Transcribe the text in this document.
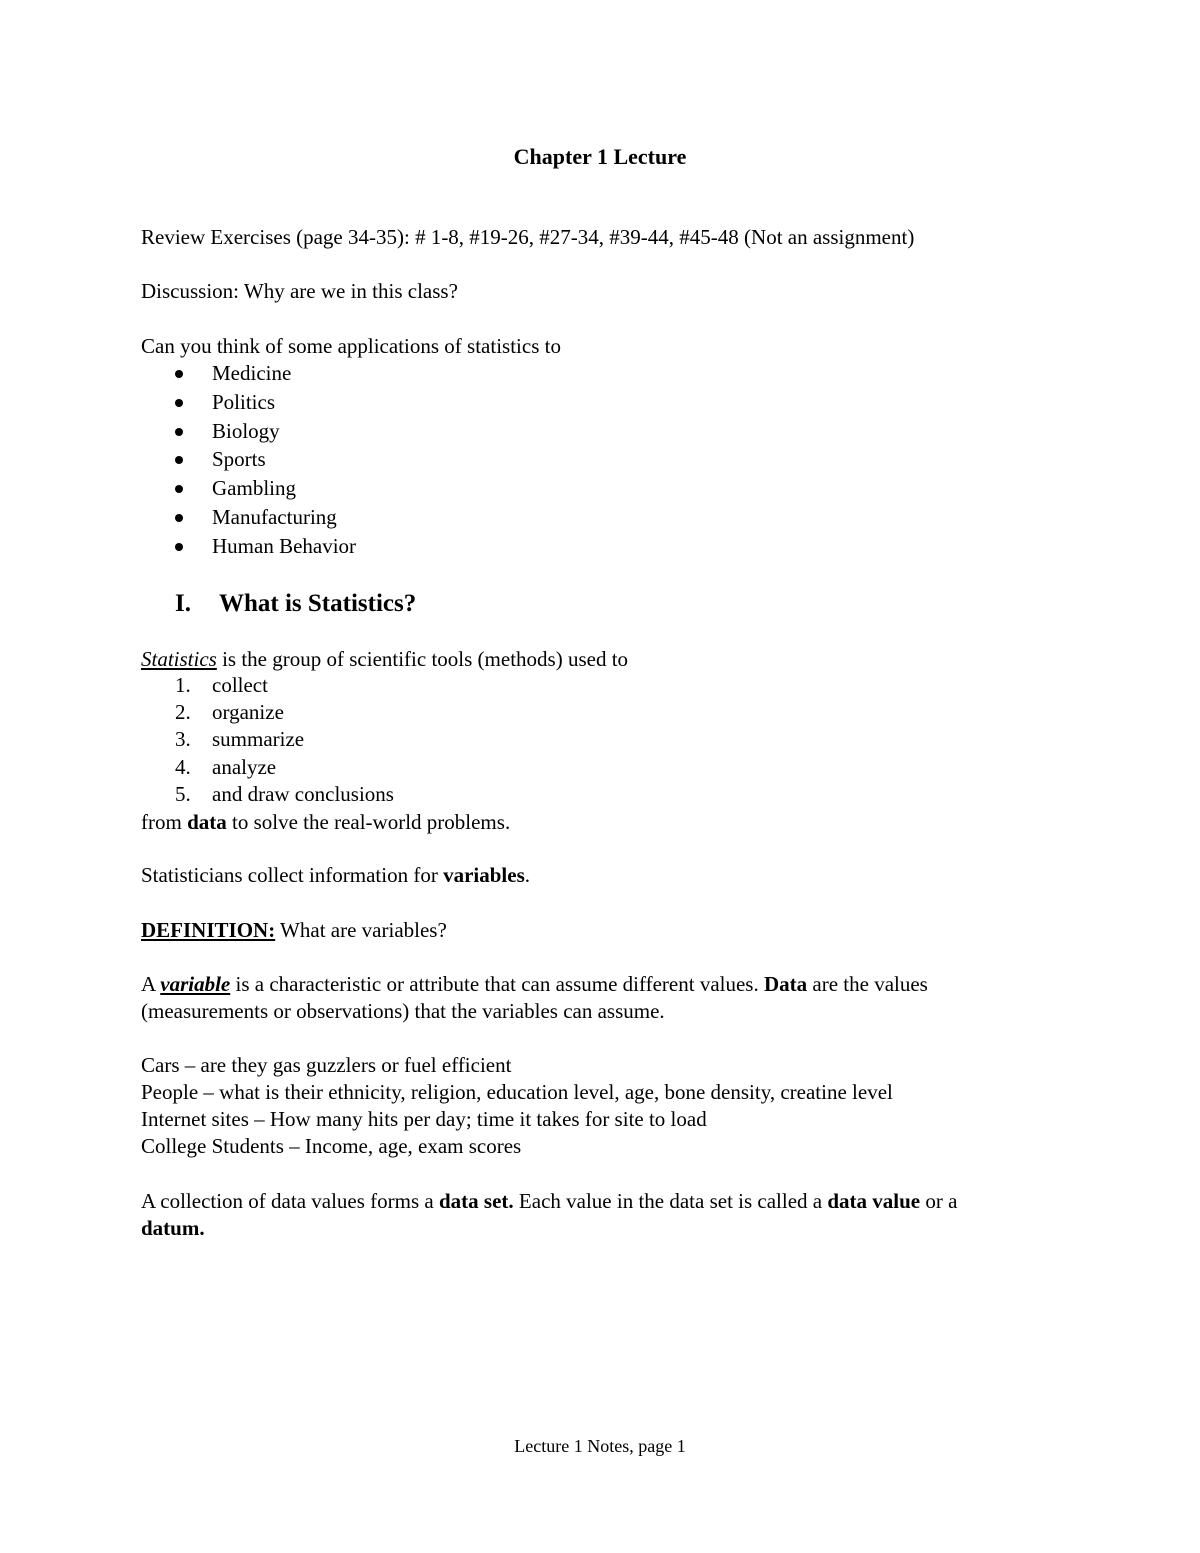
Chapter 1 Lecture
Review Exercises (page 34-35): # 1-8, #19-26, #27-34, #39-44, #45-48 (Not an assignment)
Discussion: Why are we in this class?
Can you think of some applications of statistics to
Medicine
Politics
Biology
Sports
Gambling
Manufacturing
Human Behavior
I. What is Statistics?
Statistics is the group of scientific tools (methods) used to
1. collect
2. organize
3. summarize
4. analyze
5. and draw conclusions
from data to solve the real-world problems.
Statisticians collect information for variables.
DEFINITION: What are variables?
A variable is a characteristic or attribute that can assume different values. Data are the values
(measurements or observations) that the variables can assume.
Cars – are they gas guzzlers or fuel efficient
People – what is their ethnicity, religion, education level, age, bone density, creatine level
Internet sites – How many hits per day; time it takes for site to load
College Students – Income, age, exam scores
A collection of data values forms a data set. Each value in the data set is called a data value or a
datum.
Lecture 1 Notes, page 1
